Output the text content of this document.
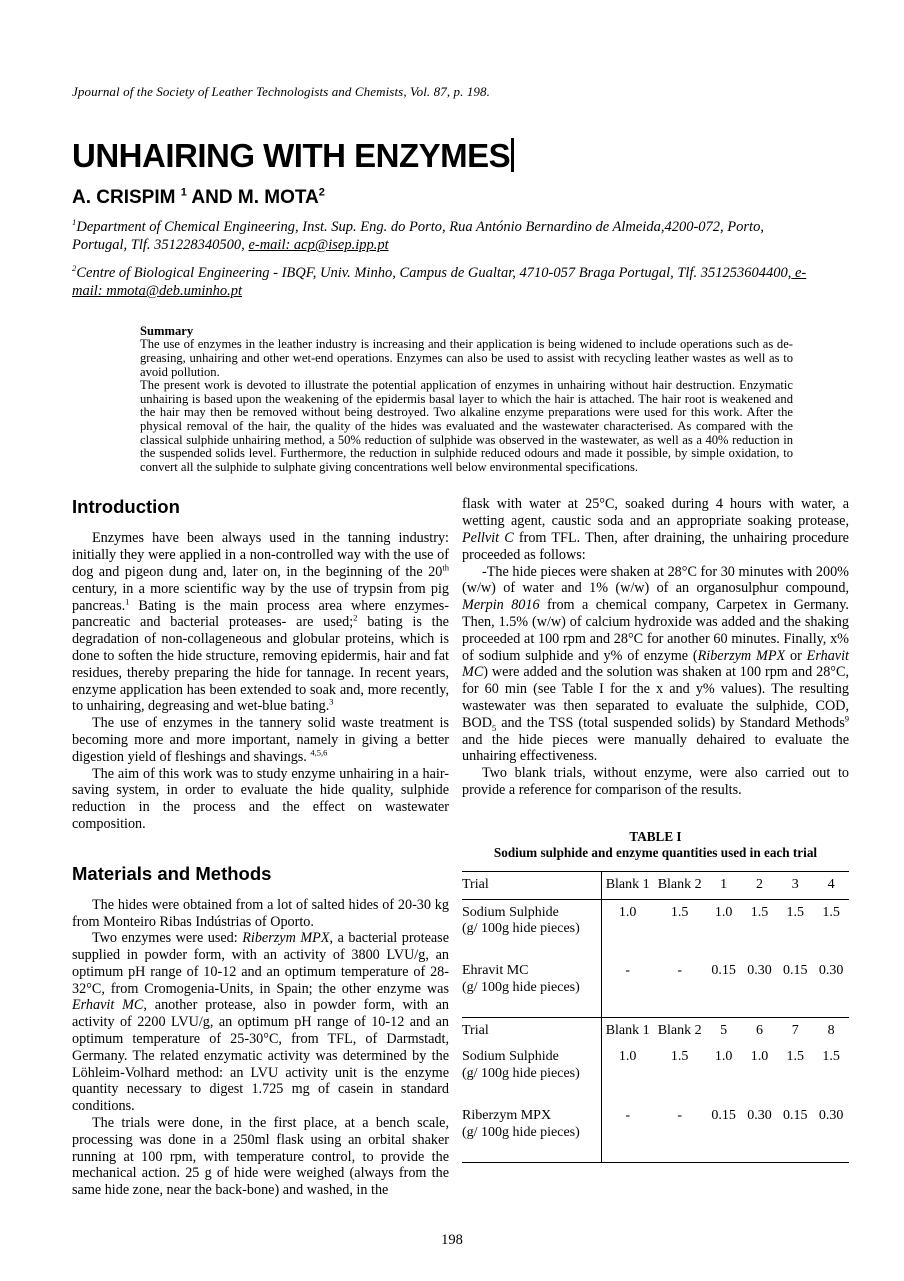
Jpournal of the Society of Leather Technologists and Chemists, Vol. 87, p. 198.
UNHAIRING WITH ENZYMES
A. CRISPIM $^1$ AND M. MOTA$^2$

$^1$Department of Chemical Engineering, Inst. Sup. Eng. do Porto, Rua António Bernardino de Almeida,4200-072, Porto, Portugal, Tlf. 351228340500, e-mail: acp@isep.ipp.pt

$^2$Centre of Biological Engineering - IBQF, Univ. Minho, Campus de Gualtar, 4710-057 Braga Portugal, Tlf. 351253604400, e-mail: mmota@deb.uminho.pt

Summary

The use of enzymes in the leather industry is increasing and their application is being widened to include operations such as de-greasing, unhairing and other wet-end operations. Enzymes can also be used to assist with recycling leather wastes as well as to avoid pollution.

The present work is devoted to illustrate the potential application of enzymes in unhairing without hair destruction. Enzymatic unhairing is based upon the weakening of the epidermis basal layer to which the hair is attached. The hair root is weakened and the hair may then be removed without being destroyed. Two alkaline enzyme preparations were used for this work. After the physical removal of the hair, the quality of the hides was evaluated and the wastewater characterised. As compared with the classical sulphide unhairing method, a 50% reduction of sulphide was observed in the wastewater, as well as a 40% reduction in the suspended solids level. Furthermore, the reduction in sulphide reduced odours and made it possible, by simple oxidation, to convert all the sulphide to sulphate giving concentrations well below environmental specifications.

Introduction

Enzymes have been always used in the tanning industry: initially they were applied in a non-controlled way with the use of dog and pigeon dung and, later on, in the beginning of the 20th century, in a more scientific way by the use of trypsin from pig pancreas.$^1$ Bating is the main process area where enzymes- pancreatic and bacterial proteases- are used;$^2$ bating is the degradation of non-collageneous and globular proteins, which is done to soften the hide structure, removing epidermis, hair and fat residues, thereby preparing the hide for tannage. In recent years, enzyme application has been extended to soak and, more recently, to unhairing, degreasing and wet-blue bating.$^3$

The use of enzymes in the tannery solid waste treatment is becoming more and more important, namely in giving a better digestion yield of fleshings and shavings. $^{4,5,6}$

The aim of this work was to study enzyme unhairing in a hair-saving system, in order to evaluate the hide quality, sulphide reduction in the process and the effect on wastewater composition.

Materials and Methods

The hides were obtained from a lot of salted hides of 20-30 kg from Monteiro Ribas Indústrias of Oporto.

Two enzymes were used: Riberzym MPX, a bacterial protease supplied in powder form, with an activity of 3800 LVU/g, an optimum pH range of 10-12 and an optimum temperature of 28-32°C, from Cromogenia-Units, in Spain; the other enzyme was Erhavit MC, another protease, also in powder form, with an activity of 2200 LVU/g, an optimum pH range of 10-12 and an optimum temperature of 25-30°C, from TFL, of Darmstadt, Germany. The related enzymatic activity was determined by the Löhleim-Volhard method: an LVU activity unit is the enzyme quantity necessary to digest 1.725 mg of casein in standard conditions.

The trials were done, in the first place, at a bench scale, processing was done in a 250ml flask using an orbital shaker running at 100 rpm, with temperature control, to provide the mechanical action. 25 g of hide were weighed (always from the same hide zone, near the back-bone) and washed, in the

flask with water at 25°C, soaked during 4 hours with water, a wetting agent, caustic soda and an appropriate soaking protease, Pellvit C from TFL. Then, after draining, the unhairing procedure proceeded as follows:

-The hide pieces were shaken at 28°C for 30 minutes with 200% (w/w) of water and 1% (w/w) of an organosulphur compound, Merpin 8016 from a chemical company, Carpetex in Germany. Then, 1.5% (w/w) of calcium hydroxide was added and the shaking proceeded at 100 rpm and 28°C for another 60 minutes. Finally, x% of sodium sulphide and y% of enzyme (Riberzym MPX or Erhavit MC) were added and the solution was shaken at 100 rpm and 28°C, for 60 min (see Table I for the x and y% values). The resulting wastewater was then separated to evaluate the sulphide, COD, $BOD_5$ and the TSS (total suspended solids) by Standard Methods$^9$ and the hide pieces were manually dehaired to evaluate the unhairing effectiveness.

Two blank trials, without enzyme, were also carried out to provide a reference for comparison of the results.

TABLE I
Sodium sulphide and enzyme quantities used in each trial
Trial	Blank 1	Blank 2	1	2	3	4

Sodium Sulphide
(g/ 100g hide pieces)	1.0	1.5	1.0	1.5	1.5	1.5

Ehravit MC
(g/ 100g hide pieces)	-	-	0.15	0.30	0.15	0.30
Trial	Blank 1	Blank 2	5	6	7	8

Sodium Sulphide
(g/ 100g hide pieces)	1.0	1.5	1.0	1.0	1.5	1.5

Riberzym MPX
(g/ 100g hide pieces)	-	-	0.15	0.30	0.15	0.30
198
